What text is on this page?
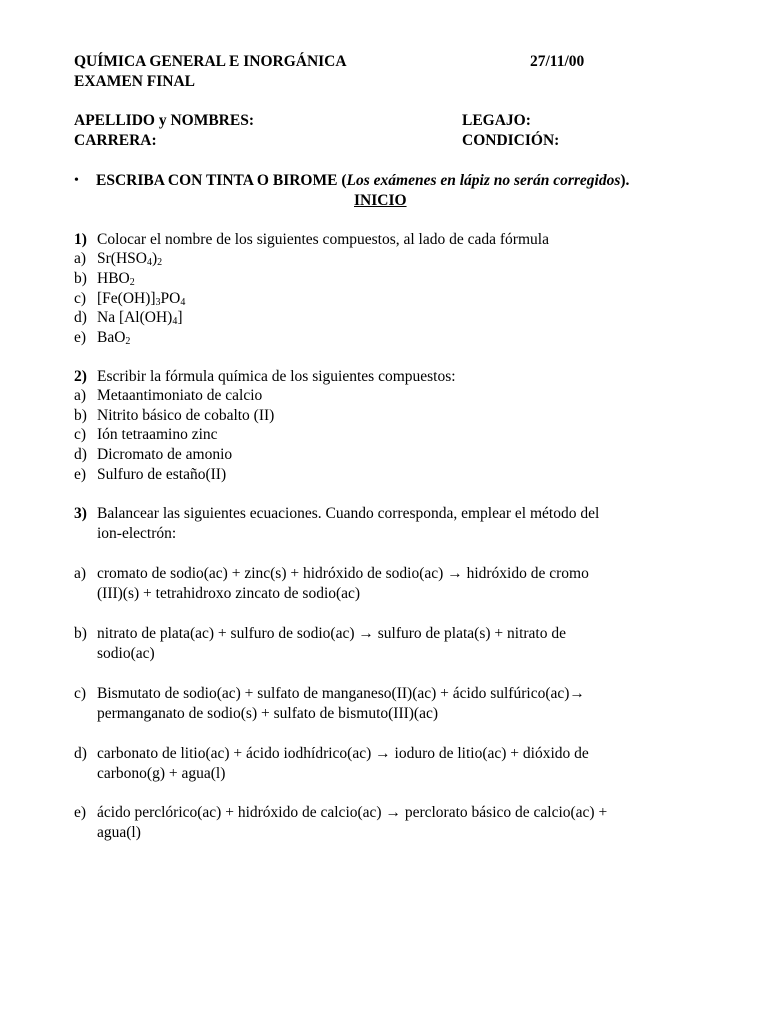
QUÍMICA GENERAL E INORGÁNICA	27/11/00
EXAMEN FINAL
APELLIDO y NOMBRES:	LEGAJO:
CARRERA:	CONDICIÓN:
• ESCRIBA CON TINTA O BIROME (Los exámenes en lápiz no serán corregidos).
INICIO
1) Colocar el nombre de los siguientes compuestos, al lado de cada fórmula
a) $Sr(HSO_4)_2$
b) $HBO_2$
c) $[Fe(OH)]_3PO_4$
d) Na $[Al(OH)_4]$
e) BaO$_2$
2) Escribir la fórmula química de los siguientes compuestos:
a) Metaantimoniato de calcio
b) Nitrito básico de cobalto (II)
c) Ión tetraamino zinc
d) Dicromato de amonio
e) Sulfuro de estaño(II)
3) Balancear las siguientes ecuaciones. Cuando corresponda, emplear el método del
ion-electrón:
a) cromato de sodio(ac) + zinc(s) + hidróxido de sodio(ac) → hidróxido de cromo
(III)(s) + tetrahidroxo zincato de sodio(ac)
b) nitrato de plata(ac) + sulfuro de sodio(ac) → sulfuro de plata(s) + nitrato de
sodio(ac)
c) Bismutato de sodio(ac) + sulfato de manganeso(II)(ac) + ácido sulfúrico(ac)→
permanganato de sodio(s) + sulfato de bismuto(III)(ac)
d) carbonato de litio(ac) + ácido iodhídrico(ac) → ioduro de litio(ac) + dióxido de
carbono(g) + agua(l)
e) ácido perclórico(ac) + hidróxido de calcio(ac) → perclorato básico de calcio(ac) +
agua(l)
